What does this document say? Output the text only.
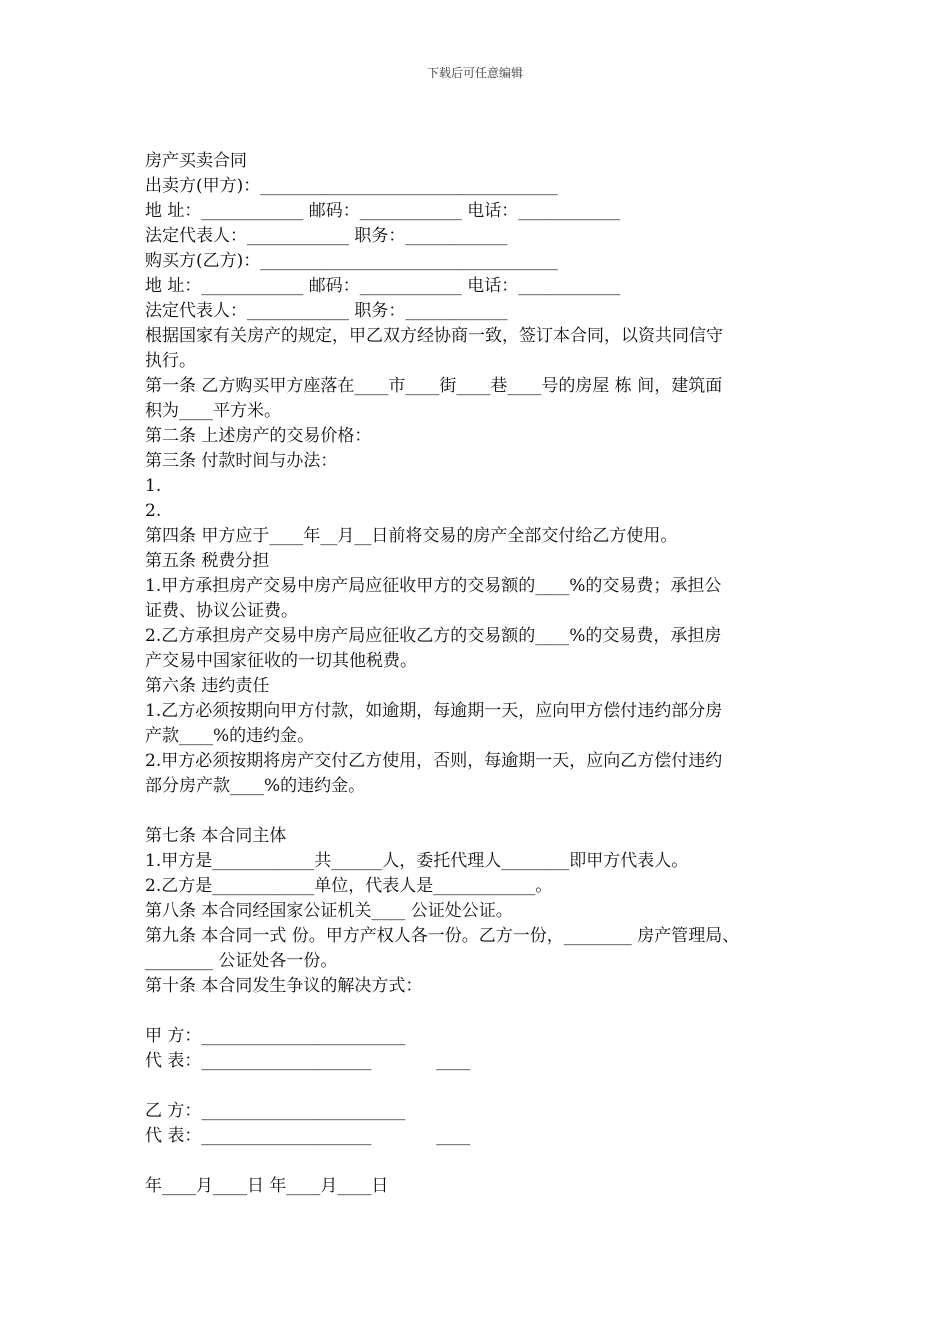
下载后可任意编辑
房产买卖合同
出卖方(甲方)：___________________________________
地 址：____________ 邮码：____________ 电话：____________
法定代表人：____________ 职务：____________
购买方(乙方)：___________________________________
地 址：____________ 邮码：____________ 电话：____________
法定代表人：____________ 职务：____________
根据国家有关房产的规定，甲乙双方经协商一致，签订本合同，以资共同信守
执行。
第一条 乙方购买甲方座落在____市____街____巷____号的房屋 栋 间，建筑面
积为____平方米。
第二条 上述房产的交易价格：
第三条 付款时间与办法：
1.
2.
第四条 甲方应于____年__月__日前将交易的房产全部交付给乙方使用。
第五条 税费分担
1.甲方承担房产交易中房产局应征收甲方的交易额的____%的交易费；承担公
证费、协议公证费。
2.乙方承担房产交易中房产局应征收乙方的交易额的____%的交易费，承担房
产交易中国家征收的一切其他税费。
第六条 违约责任
1.乙方必须按期向甲方付款，如逾期，每逾期一天，应向甲方偿付违约部分房
产款____%的违约金。
2.甲方必须按期将房产交付乙方使用，否则，每逾期一天，应向乙方偿付违约
部分房产款____%的违约金。
第七条 本合同主体
1.甲方是____________共______人，委托代理人________即甲方代表人。
2.乙方是____________单位，代表人是____________。
第八条 本合同经国家公证机关____ 公证处公证。
第九条 本合同一式 份。甲方产权人各一份。乙方一份，________ 房产管理局、
________ 公证处各一份。
第十条 本合同发生争议的解决方式：
甲 方：________________________
代 表：____________________            ____
乙 方：________________________
代 表：____________________            ____
年____月____日 年____月____日
